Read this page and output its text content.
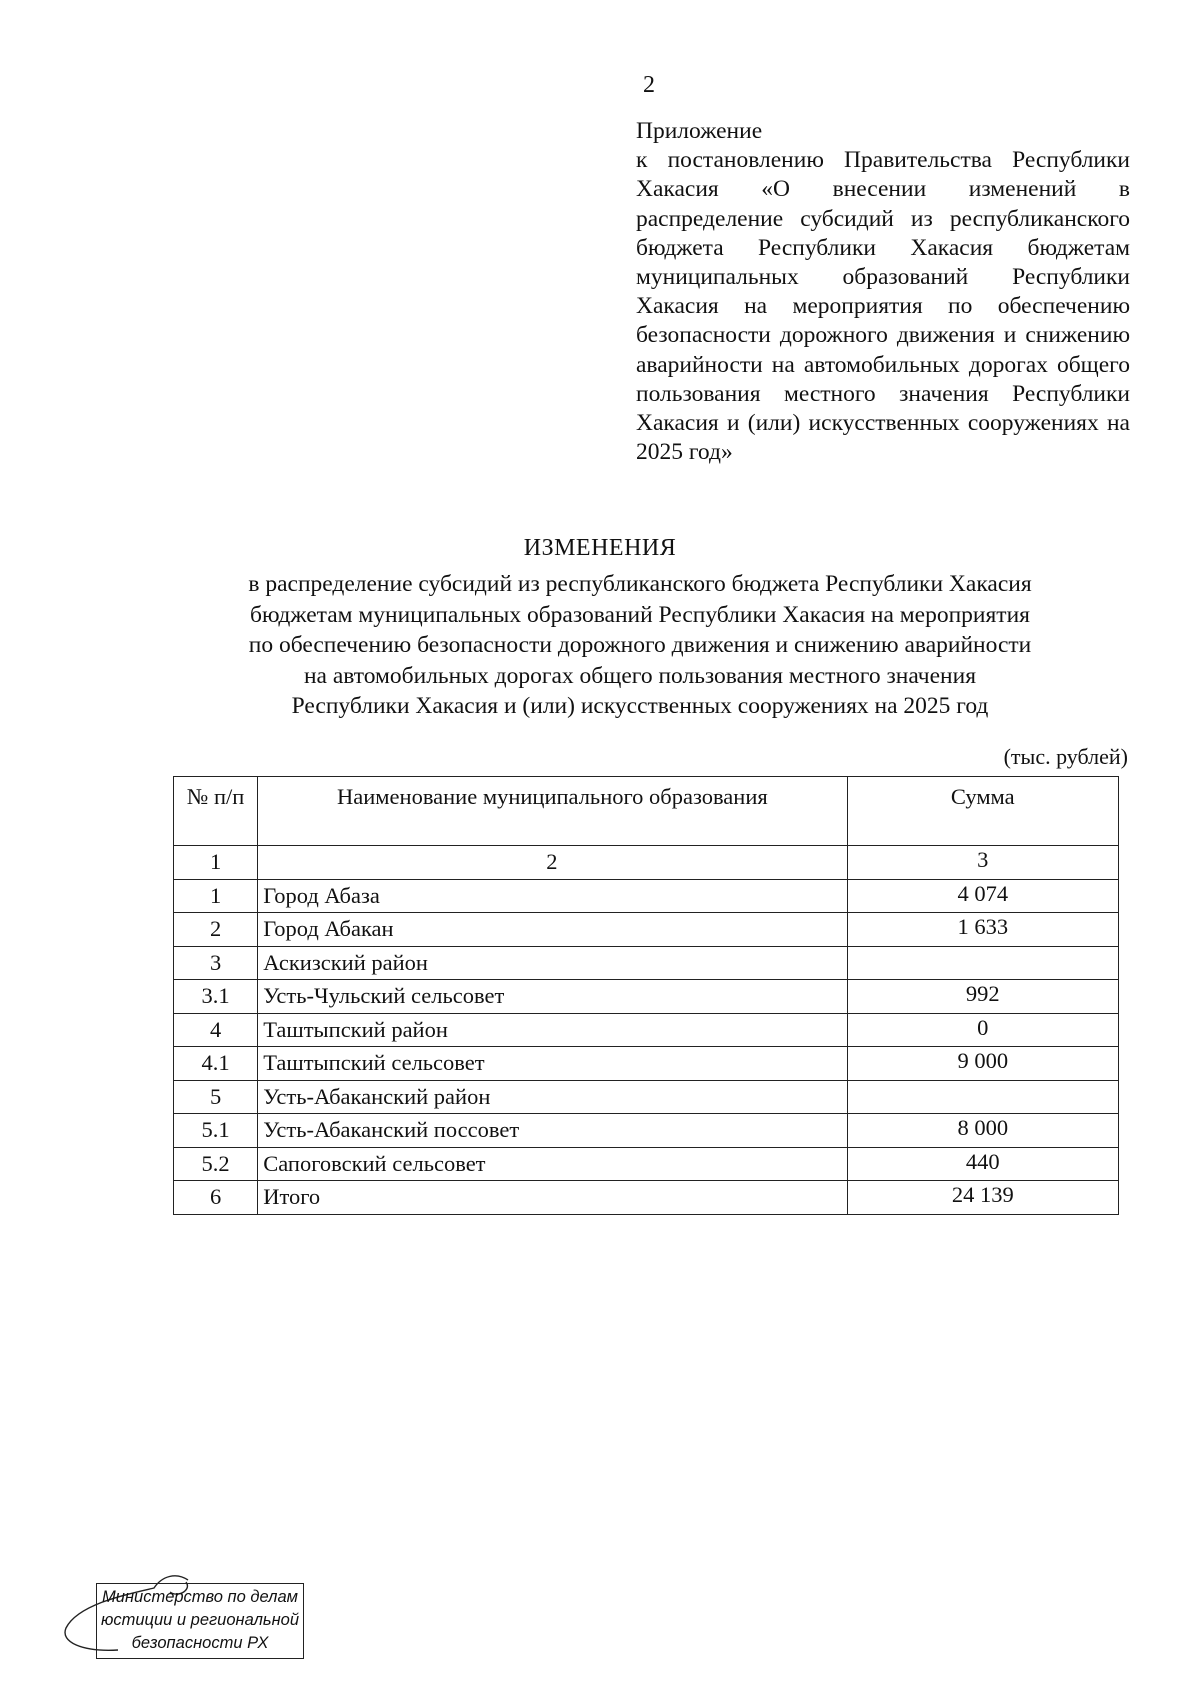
2
Приложение
к постановлению Правительства Республики Хакасия «О внесении изменений в распределение субсидий из республиканского бюджета Республики Хакасия бюджетам муниципальных образований Республики Хакасия на мероприятия по обеспечению безопасности дорожного движения и снижению аварийности на автомобильных дорогах общего пользования местного значения Республики Хакасия и (или) искусственных сооружениях на 2025 год»
ИЗМЕНЕНИЯ
в распределение субсидий из республиканского бюджета Республики Хакасия
бюджетам муниципальных образований Республики Хакасия на мероприятия
по обеспечению безопасности дорожного движения и снижению аварийности
на автомобильных дорогах общего пользования местного значения
Республики Хакасия и (или) искусственных сооружениях на 2025 год
(тыс. рублей)
№ п/п	Наименование муниципального образования	Сумма
1	2	3
1	Город Абаза	4 074
2	Город Абакан	1 633
3	Аскизский район	
3.1	Усть-Чульский сельсовет	992
4	Таштыпский район	0
4.1	Таштыпский сельсовет	9 000
5	Усть-Абаканский район	
5.1	Усть-Абаканский поссовет	8 000
5.2	Сапоговский сельсовет	440
6	Итого	24 139
Министерство по делам
юстиции и региональной
безопасности РХ
